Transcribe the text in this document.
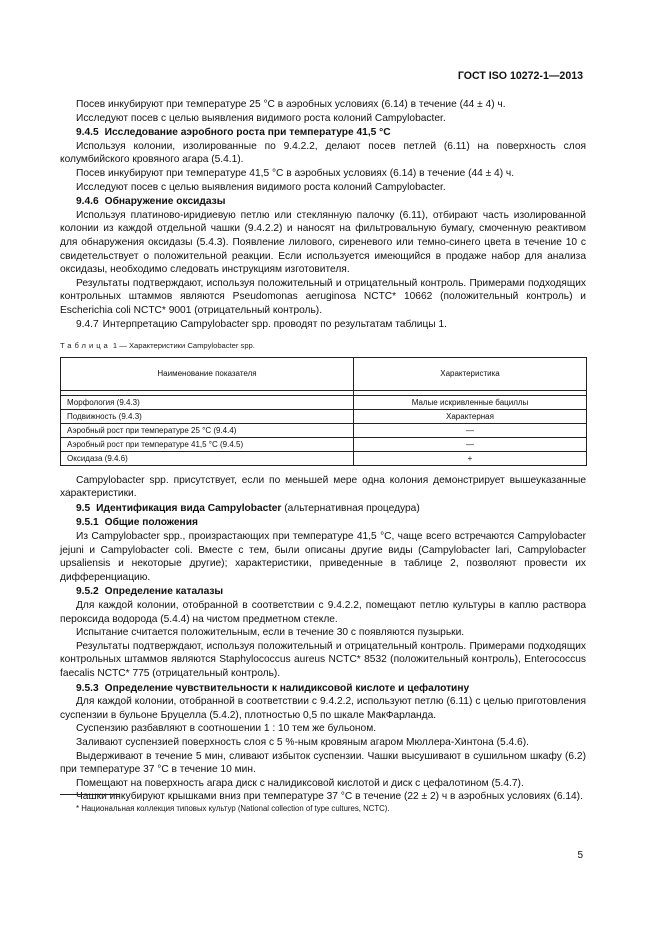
ГОСТ ISO 10272-1—2013

Посев инкубируют при температуре 25 °С в аэробных условиях (6.14) в течение (44 ± 4) ч.

Исследуют посев с целью выявления видимого роста колоний Campylobacter.

9.4.5 Исследование аэробного роста при температуре 41,5 °С

Используя колонии, изолированные по 9.4.2.2, делают посев петлей (6.11) на поверхность слоя колумбийского кровяного агара (5.4.1).

Посев инкубируют при температуре 41,5 °С в аэробных условиях (6.14) в течение (44 ± 4) ч.

Исследуют посев с целью выявления видимого роста колоний Campylobacter.

9.4.6 Обнаружение оксидазы

Используя платиново-иридиевую петлю или стеклянную палочку (6.11), отбирают часть изолированной колонии из каждой отдельной чашки (9.4.2.2) и наносят на фильтровальную бумагу, смоченную реактивом для обнаружения оксидазы (5.4.3). Появление лилового, сиреневого или темно-синего цвета в течение 10 с свидетельствует о положительной реакции. Если используется имеющийся в продаже набор для анализа оксидазы, необходимо следовать инструкциям изготовителя.

Результаты подтверждают, используя положительный и отрицательный контроль. Примерами подходящих контрольных штаммов являются Pseudomonas aeruginosa NCTC* 10662 (положительный контроль) и Escherichia coli NCTC* 9001 (отрицательный контроль).

9.4.7 Интерпретацию Campylobacter spp. проводят по результатам таблицы 1.

Таблица 1 — Характеристики Campylobacter spp.
Наименование показателя	Характеристика

Морфология (9.4.3)	Малые искривленные бациллы
Подвижность (9.4.3)	Характерная
Аэробный рост при температуре 25 °С (9.4.4)	—
Аэробный рост при температуре 41,5 °С (9.4.5)	—
Оксидаза (9.4.6)	+

Campylobacter spp. присутствует, если по меньшей мере одна колония демонстрирует вышеуказанные характеристики.

9.5 Идентификация вида Campylobacter (альтернативная процедура)

9.5.1 Общие положения

Из Campylobacter spp., произрастающих при температуре 41,5 °С, чаще всего встречаются Campylobacter jejuni и Campylobacter coli. Вместе с тем, были описаны другие виды (Campylobacter lari, Campylobacter upsaliensis и некоторые другие); характеристики, приведенные в таблице 2, позволяют провести их дифференциацию.

9.5.2 Определение каталазы

Для каждой колонии, отобранной в соответствии с 9.4.2.2, помещают петлю культуры в каплю раствора пероксида водорода (5.4.4) на чистом предметном стекле.

Испытание считается положительным, если в течение 30 с появляются пузырьки.

Результаты подтверждают, используя положительный и отрицательный контроль. Примерами подходящих контрольных штаммов являются Staphylococcus aureus NCTC* 8532 (положительный контроль), Enterococcus faecalis NCTC* 775 (отрицательный контроль).

9.5.3 Определение чувствительности к налидиксовой кислоте и цефалотину

Для каждой колонии, отобранной в соответствии с 9.4.2.2, используют петлю (6.11) с целью приготовления суспензии в бульоне Бруцелла (5.4.2), плотностью 0,5 по шкале МакФарланда.

Суспензию разбавляют в соотношении 1 : 10 тем же бульоном.

Заливают суспензией поверхность слоя с 5 %-ным кровяным агаром Мюллера-Хинтона (5.4.6).

Выдерживают в течение 5 мин, сливают избыток суспензии. Чашки высушивают в сушильном шкафу (6.2) при температуре 37 °С в течение 10 мин.

Помещают на поверхность агара диск с налидиксовой кислотой и диск с цефалотином (5.4.7).

Чашки инкубируют крышками вниз при температуре 37 °С в течение (22 ± 2) ч в аэробных условиях (6.14).

* Национальная коллекция типовых культур (National collection of type cultures, NCTC).
5
